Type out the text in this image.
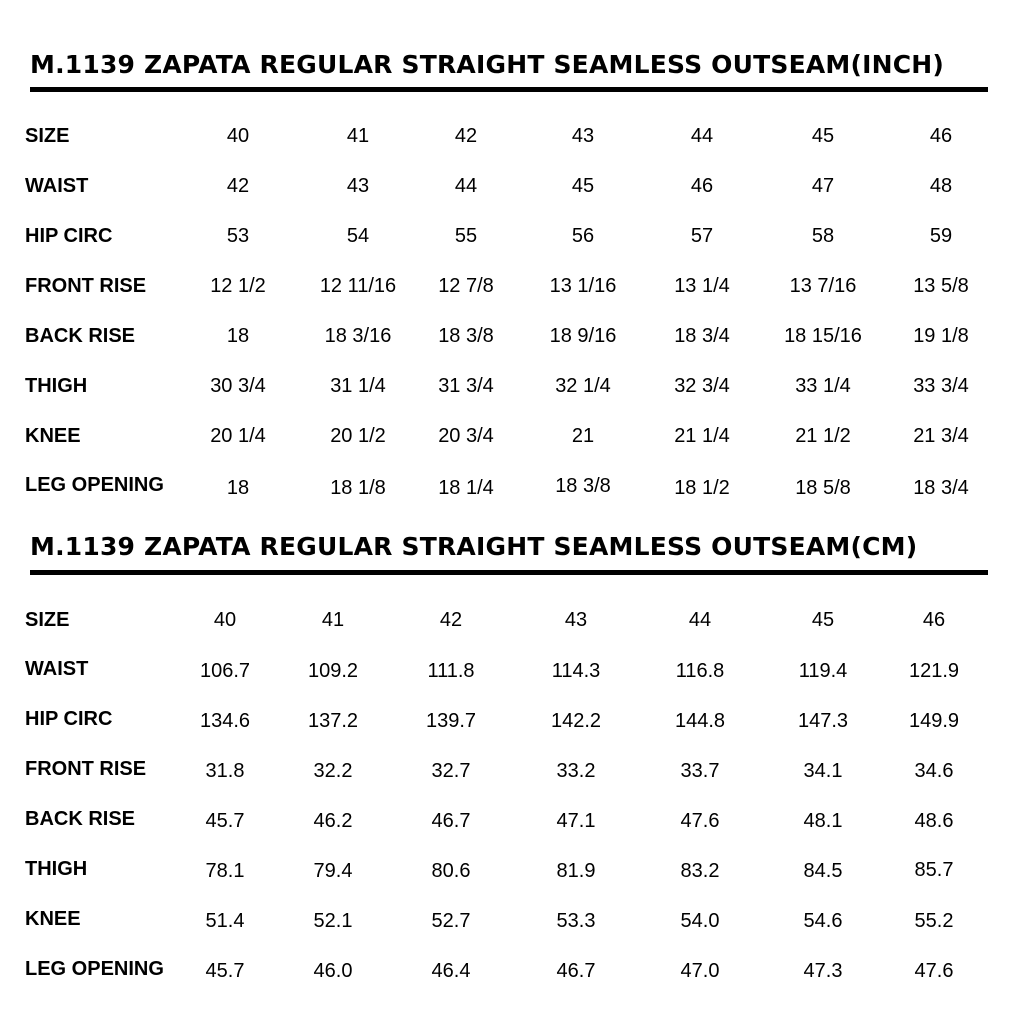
M.1139 ZAPATA REGULAR STRAIGHT SEAMLESS OUTSEAM(INCH)
SIZE	40	41	42	43	44	45	46
WAIST	42	43	44	45	46	47	48
HIP CIRC	53	54	55	56	57	58	59
FRONT RISE	12 1/2	12 11/16	12 7/8	13 1/16	13 1/4	13 7/16	13 5/8
BACK RISE	18	18 3/16	18 3/8	18 9/16	18 3/4	18 15/16	19 1/8
THIGH	30 3/4	31 1/4	31 3/4	32 1/4	32 3/4	33 1/4	33 3/4
KNEE	20 1/4	20 1/2	20 3/4	21	21 1/4	21 1/2	21 3/4
LEG OPENING	18	18 1/8	18 1/4	18 3/8	18 1/2	18 5/8	18 3/4
M.1139 ZAPATA REGULAR STRAIGHT SEAMLESS OUTSEAM(CM)
SIZE	40	41	42	43	44	45	46
WAIST	106.7	109.2	111.8	114.3	116.8	119.4	121.9
HIP CIRC	134.6	137.2	139.7	142.2	144.8	147.3	149.9
FRONT RISE	31.8	32.2	32.7	33.2	33.7	34.1	34.6
BACK RISE	45.7	46.2	46.7	47.1	47.6	48.1	48.6
THIGH	78.1	79.4	80.6	81.9	83.2	84.5	85.7
KNEE	51.4	52.1	52.7	53.3	54.0	54.6	55.2
LEG OPENING	45.7	46.0	46.4	46.7	47.0	47.3	47.6
